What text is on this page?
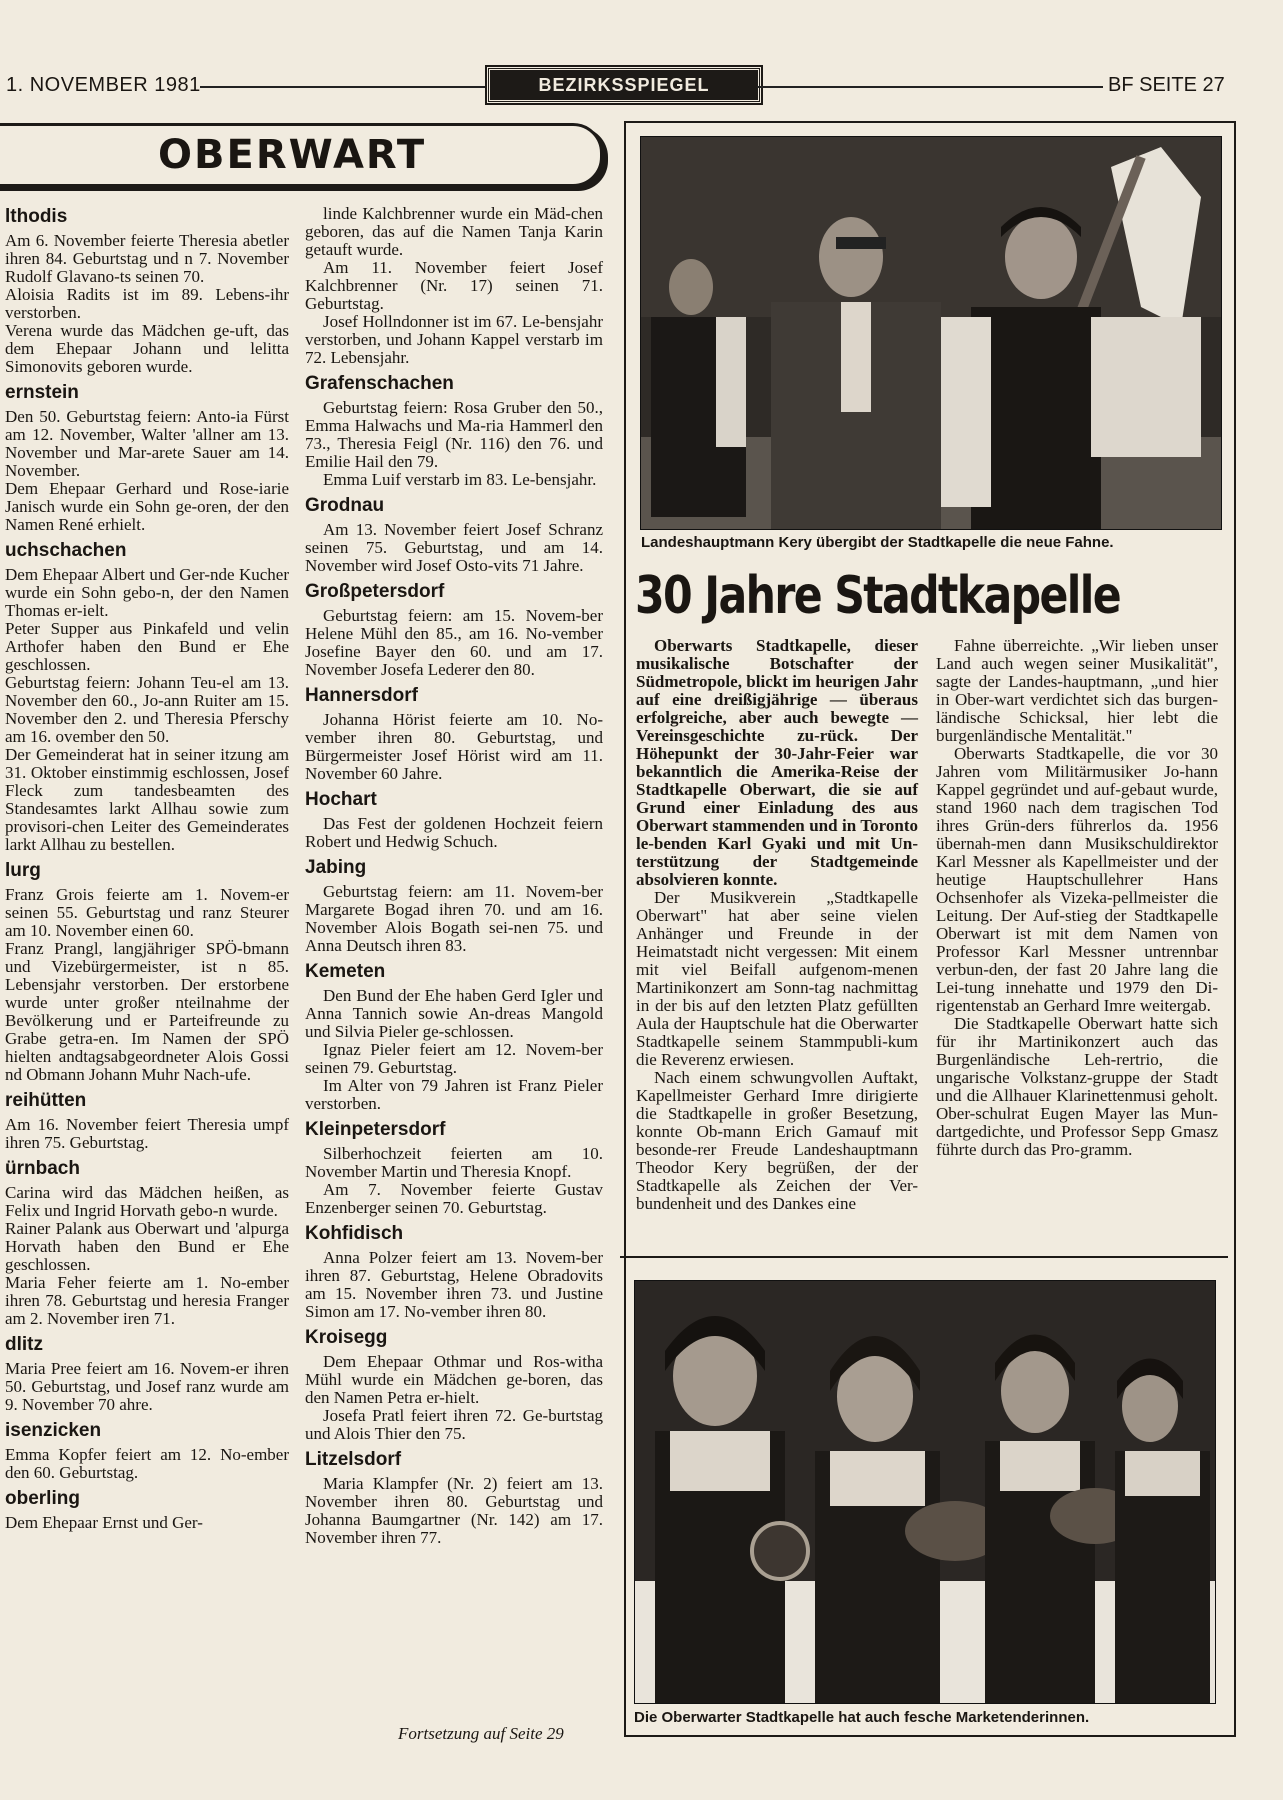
1. NOVEMBER 1981	BEZIRKSSPIEGEL	BF SEITE 27
OBERWART
lthodis

Am 6. November feierte Theresia abetler ihren 84. Geburtstag und n 7. November Rudolf Glavano-ts seinen 70.

Aloisia Radits ist im 89. Lebens-ihr verstorben.

Verena wurde das Mädchen ge-uft, das dem Ehepaar Johann und lelitta Simonovits geboren wurde.

ernstein

Den 50. Geburtstag feiern: Anto-ia Fürst am 12. November, Walter 'allner am 13. November und Mar-arete Sauer am 14. November.

Dem Ehepaar Gerhard und Rose-iarie Janisch wurde ein Sohn ge-oren, der den Namen René erhielt.

uchschachen

Dem Ehepaar Albert und Ger-nde Kucher wurde ein Sohn gebo-n, der den Namen Thomas er-ielt.

Peter Supper aus Pinkafeld und velin Arthofer haben den Bund er Ehe geschlossen.

Geburtstag feiern: Johann Teu-el am 13. November den 60., Jo-ann Ruiter am 15. November den 2. und Theresia Pferschy am 16. ovember den 50.

Der Gemeinderat hat in seiner itzung am 31. Oktober einstimmig eschlossen, Josef Fleck zum tandesbeamten des Standesamtes larkt Allhau sowie zum provisori-chen Leiter des Gemeinderates larkt Allhau zu bestellen.

lurg

Franz Grois feierte am 1. Novem-er seinen 55. Geburtstag und ranz Steurer am 10. November einen 60.

Franz Prangl, langjähriger SPÖ-bmann und Vizebürgermeister, ist n 85. Lebensjahr verstorben. Der erstorbene wurde unter großer nteilnahme der Bevölkerung und er Parteifreunde zu Grabe getra-en. Im Namen der SPÖ hielten andtagsabgeordneter Alois Gossi nd Obmann Johann Muhr Nach-ufe.

reihütten

Am 16. November feiert Theresia umpf ihren 75. Geburtstag.

ürnbach

Carina wird das Mädchen heißen, as Felix und Ingrid Horvath gebo-n wurde.

Rainer Palank aus Oberwart und 'alpurga Horvath haben den Bund er Ehe geschlossen.

Maria Feher feierte am 1. No-ember ihren 78. Geburtstag und heresia Franger am 2. November iren 71.

dlitz

Maria Pree feiert am 16. Novem-er ihren 50. Geburtstag, und Josef ranz wurde am 9. November 70 ahre.

isenzicken

Emma Kopfer feiert am 12. No-ember den 60. Geburtstag.

oberling

Dem Ehepaar Ernst und Ger-

linde Kalchbrenner wurde ein Mäd-chen geboren, das auf die Namen Tanja Karin getauft wurde.

Am 11. November feiert Josef Kalchbrenner (Nr. 17) seinen 71. Geburtstag.

Josef Hollndonner ist im 67. Le-bensjahr verstorben, und Johann Kappel verstarb im 72. Lebensjahr.

Grafenschachen

Geburtstag feiern: Rosa Gruber den 50., Emma Halwachs und Ma-ria Hammerl den 73., Theresia Feigl (Nr. 116) den 76. und Emilie Hail den 79.

Emma Luif verstarb im 83. Le-bensjahr.

Grodnau

Am 13. November feiert Josef Schranz seinen 75. Geburtstag, und am 14. November wird Josef Osto-vits 71 Jahre.

Großpetersdorf

Geburtstag feiern: am 15. Novem-ber Helene Mühl den 85., am 16. No-vember Josefine Bayer den 60. und am 17. November Josefa Lederer den 80.

Hannersdorf

Johanna Hörist feierte am 10. No-vember ihren 80. Geburtstag, und Bürgermeister Josef Hörist wird am 11. November 60 Jahre.

Hochart

Das Fest der goldenen Hochzeit feiern Robert und Hedwig Schuch.

Jabing

Geburtstag feiern: am 11. Novem-ber Margarete Bogad ihren 70. und am 16. November Alois Bogath sei-nen 75. und Anna Deutsch ihren 83.

Kemeten

Den Bund der Ehe haben Gerd Igler und Anna Tannich sowie An-dreas Mangold und Silvia Pieler ge-schlossen.

Ignaz Pieler feiert am 12. Novem-ber seinen 79. Geburtstag.

Im Alter von 79 Jahren ist Franz Pieler verstorben.

Kleinpetersdorf

Silberhochzeit feierten am 10. November Martin und Theresia Knopf.

Am 7. November feierte Gustav Enzenberger seinen 70. Geburtstag.

Kohfidisch

Anna Polzer feiert am 13. Novem-ber ihren 87. Geburtstag, Helene Obradovits am 15. November ihren 73. und Justine Simon am 17. No-vember ihren 80.

Kroisegg

Dem Ehepaar Othmar und Ros-witha Mühl wurde ein Mädchen ge-boren, das den Namen Petra er-hielt.

Josefa Pratl feiert ihren 72. Ge-burtstag und Alois Thier den 75.

Litzelsdorf

Maria Klampfer (Nr. 2) feiert am 13. November ihren 80. Geburtstag und Johanna Baumgartner (Nr. 142) am 17. November ihren 77.

Fortsetzung auf Seite 29
Landeshauptmann Kery übergibt der Stadtkapelle die neue Fahne.
30 Jahre Stadtkapelle

Oberwarts Stadtkapelle, dieser musikalische Botschafter der Südmetropole, blickt im heurigen Jahr auf eine dreißigjährige — überaus erfolgreiche, aber auch bewegte — Vereinsgeschichte zu-rück. Der Höhepunkt der 30-Jahr-Feier war bekanntlich die Amerika-Reise der Stadtkapelle Oberwart, die sie auf Grund einer Einladung des aus Oberwart stammenden und in Toronto le-benden Karl Gyaki und mit Un-terstützung der Stadtgemeinde absolvieren konnte.

Der Musikverein „Stadtkapelle Oberwart" hat aber seine vielen Anhänger und Freunde in der Heimatstadt nicht vergessen: Mit einem mit viel Beifall aufgenom-menen Martinikonzert am Sonn-tag nachmittag in der bis auf den letzten Platz gefüllten Aula der Hauptschule hat die Oberwarter Stadtkapelle seinem Stammpubli-kum die Reverenz erwiesen.

Nach einem schwungvollen Auftakt, Kapellmeister Gerhard Imre dirigierte die Stadtkapelle in großer Besetzung, konnte Ob-mann Erich Gamauf mit besonde-rer Freude Landeshauptmann Theodor Kery begrüßen, der der Stadtkapelle als Zeichen der Ver-bundenheit und des Dankes eine

Fahne überreichte. „Wir lieben unser Land auch wegen seiner Musikalität", sagte der Landes-hauptmann, „und hier in Ober-wart verdichtet sich das burgen-ländische Schicksal, hier lebt die burgenländische Mentalität."

Oberwarts Stadtkapelle, die vor 30 Jahren vom Militärmusiker Jo-hann Kappel gegründet und auf-gebaut wurde, stand 1960 nach dem tragischen Tod ihres Grün-ders führerlos da. 1956 übernah-men dann Musikschuldirektor Karl Messner als Kapellmeister und der heutige Hauptschullehrer Hans Ochsenhofer als Vizeka-pellmeister die Leitung. Der Auf-stieg der Stadtkapelle Oberwart ist mit dem Namen von Professor Karl Messner untrennbar verbun-den, der fast 20 Jahre lang die Lei-tung innehatte und 1979 den Di-rigentenstab an Gerhard Imre weitergab.

Die Stadtkapelle Oberwart hatte sich für ihr Martinikonzert auch das Burgenländische Leh-rertrio, die ungarische Volkstanz-gruppe der Stadt und die Allhauer Klarinettenmusi geholt. Ober-schulrat Eugen Mayer las Mun-dartgedichte, und Professor Sepp Gmasz führte durch das Pro-gramm.

Die Oberwarter Stadtkapelle hat auch fesche Marketenderinnen.
